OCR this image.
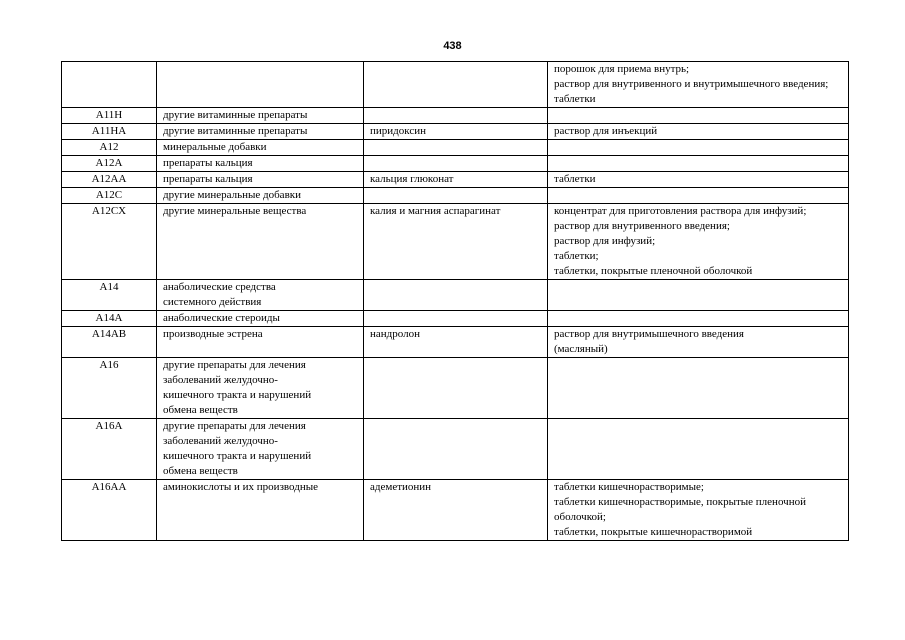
438
			порошок для приема внутрь;
раствор для внутривенного и внутримышечного введения;
таблетки
A11H	другие витаминные препараты		
A11HA	другие витаминные препараты	пиридоксин	раствор для инъекций
A12	минеральные добавки		
A12A	препараты кальция		
A12AA	препараты кальция	кальция глюконат	таблетки
A12C	другие минеральные добавки		
A12CX	другие минеральные вещества	калия и магния аспарагинат	концентрат для приготовления раствора для инфузий;
раствор для внутривенного введения;
раствор для инфузий;
таблетки;
таблетки, покрытые пленочной оболочкой
A14	анаболические средства
системного действия		
A14A	анаболические стероиды		
A14AB	производные эстрена	нандролон	раствор для внутримышечного введения
(масляный)
A16	другие препараты для лечения
заболеваний желудочно-
кишечного тракта и нарушений
обмена веществ		
A16A	другие препараты для лечения
заболеваний желудочно-
кишечного тракта и нарушений
обмена веществ		
A16AA	аминокислоты и их производные	адеметионин	таблетки кишечнорастворимые;
таблетки кишечнорастворимые, покрытые пленочной оболочкой;
таблетки, покрытые кишечнорастворимой
